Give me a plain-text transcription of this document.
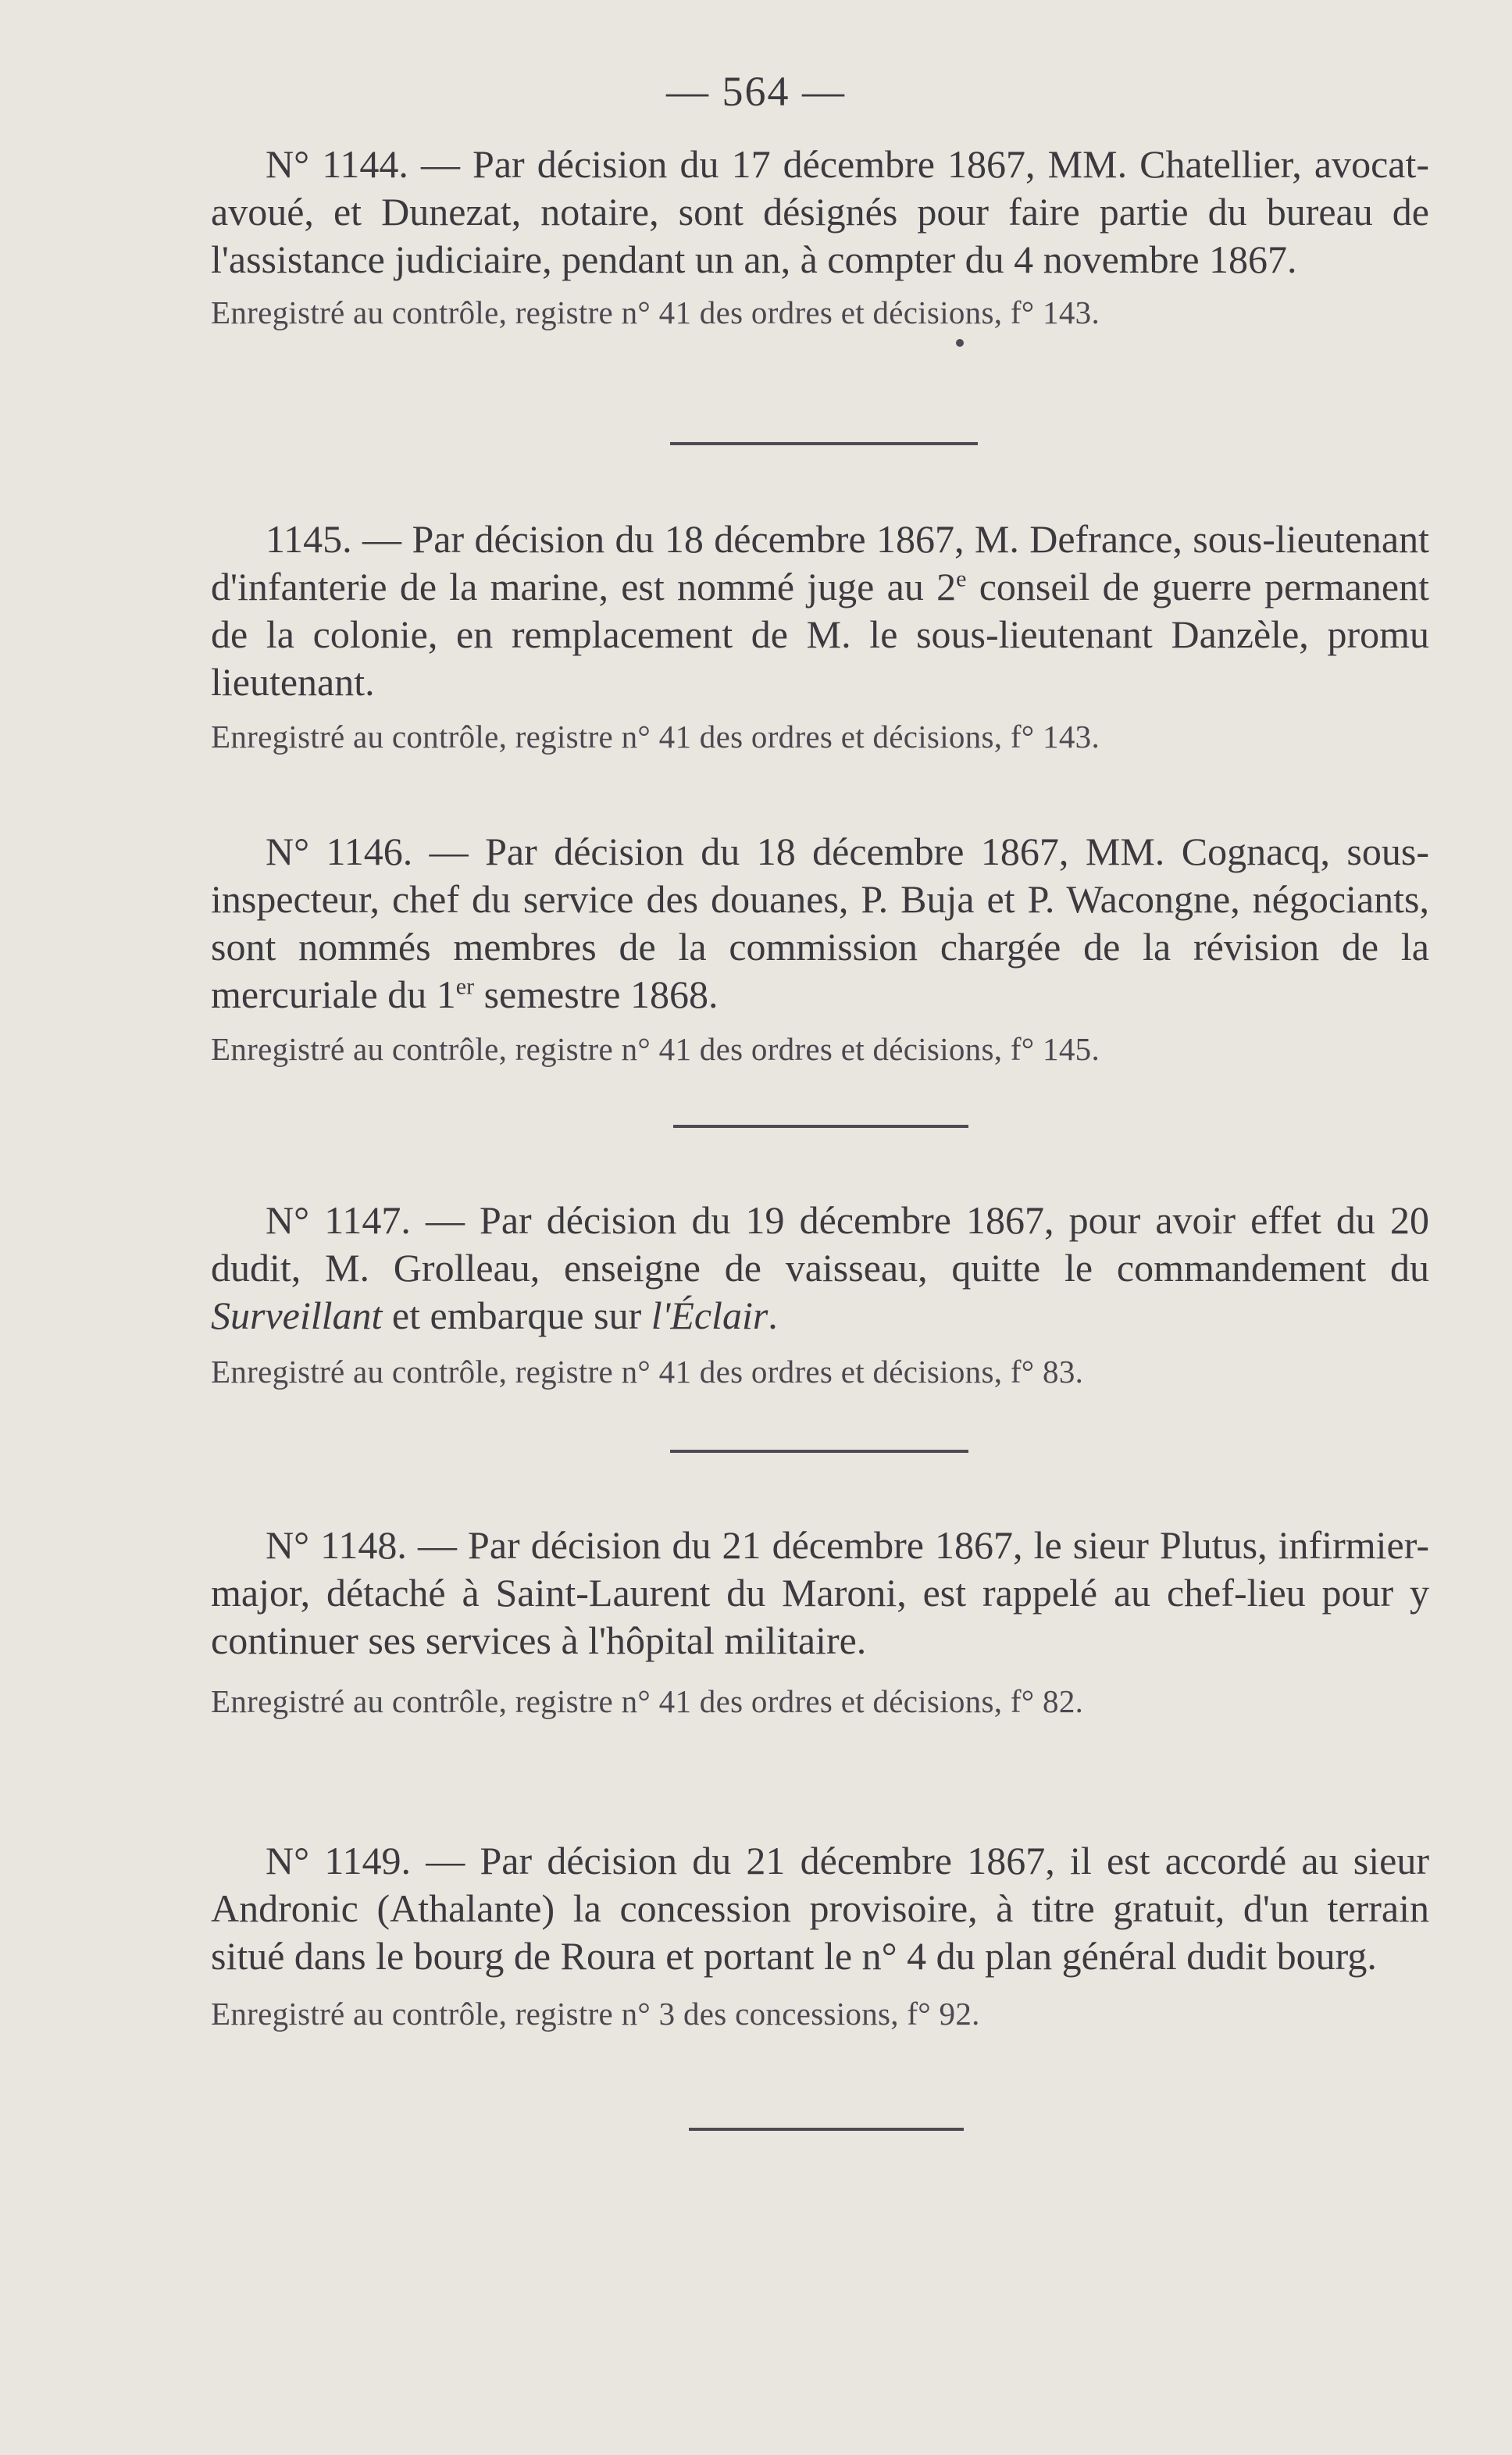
— 564 —

N° 1144. — Par décision du 17 décembre 1867, MM. Chatellier, avocat-avoué, et Dunezat, notaire, sont désignés pour faire partie du bureau de l'assistance judiciaire, pendant un an, à compter du 4 novembre 1867.

Enregistré au contrôle, registre n° 41 des ordres et décisions, f° 143.

1145. — Par décision du 18 décembre 1867, M. Defrance, sous-lieutenant d'infanterie de la marine, est nommé juge au 2e conseil de guerre permanent de la colonie, en remplacement de M. le sous-lieutenant Danzèle, promu lieutenant.

Enregistré au contrôle, registre n° 41 des ordres et décisions, f° 143.

N° 1146. — Par décision du 18 décembre 1867, MM. Cognacq, sous-inspecteur, chef du service des douanes, P. Buja et P. Wacongne, négociants, sont nommés membres de la commission chargée de la révision de la mercuriale du 1er semestre 1868.

Enregistré au contrôle, registre n° 41 des ordres et décisions, f° 145.

N° 1147. — Par décision du 19 décembre 1867, pour avoir effet du 20 dudit, M. Grolleau, enseigne de vaisseau, quitte le commandement du Surveillant et embarque sur l'Éclair.

Enregistré au contrôle, registre n° 41 des ordres et décisions, f° 83.

N° 1148. — Par décision du 21 décembre 1867, le sieur Plutus, infirmier-major, détaché à Saint-Laurent du Maroni, est rappelé au chef-lieu pour y continuer ses services à l'hôpital militaire.

Enregistré au contrôle, registre n° 41 des ordres et décisions, f° 82.

N° 1149. — Par décision du 21 décembre 1867, il est accordé au sieur Andronic (Athalante) la concession provisoire, à titre gratuit, d'un terrain situé dans le bourg de Roura et portant le n° 4 du plan général dudit bourg.

Enregistré au contrôle, registre n° 3 des concessions, f° 92.
